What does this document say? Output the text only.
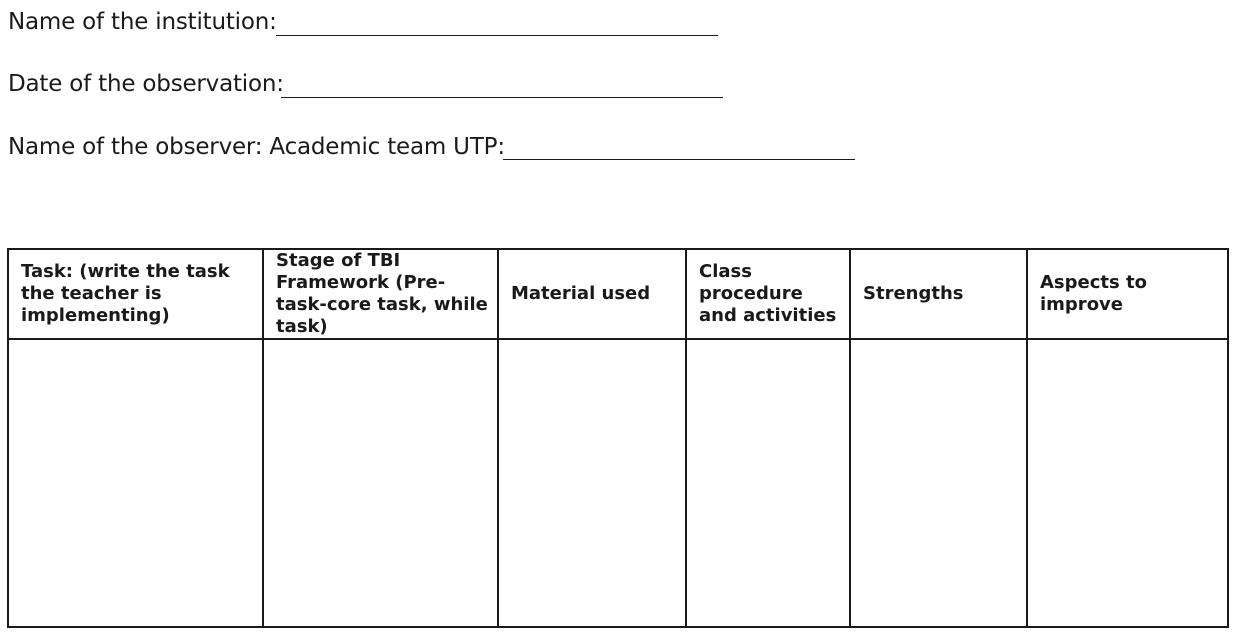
Name of the institution:
Date of the observation:
Name of the observer: Academic team UTP:
Task: (write the task the teacher is implementing)	Stage of TBI Framework (Pre-task-core task, while task)	Material used	Class procedure and activities	Strengths	Aspects to improve
